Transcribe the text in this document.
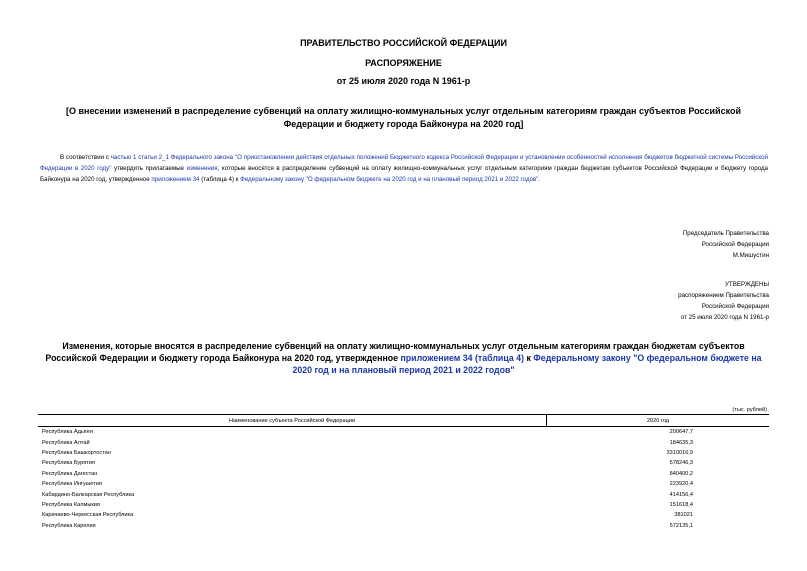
ПРАВИТЕЛЬСТВО РОССИЙСКОЙ ФЕДЕРАЦИИ
РАСПОРЯЖЕНИЕ
от 25 июля 2020 года N 1961-р
[О внесении изменений в распределение субвенций на оплату жилищно-коммунальных услуг отдельным категориям граждан субъектов Российской Федерации и бюджету города Байконура на 2020 год]
В соответствии с частью 1 статьи 2_1 Федерального закона "О приостановлении действия отдельных положений Бюджетного кодекса Российской Федерации и установлении особенностей исполнения бюджетов бюджетной системы Российской Федерации в 2020 году" утвердить прилагаемые изменения, которые вносятся в распределение субвенций на оплату жилищно-коммунальных услуг отдельным категориям граждан бюджетам субъектов Российской Федерации и бюджету города Байконура на 2020 год, утвержденное приложением 34 (таблица 4) к Федеральному закону "О федеральном бюджете на 2020 год и на плановый период 2021 и 2022 годов".
Председатель Правительства
Российской Федерации
М.Мишустин
УТВЕРЖДЕНЫ
распоряжением Правительства
Российской Федерации
от 25 июля 2020 года N 1961-р
Изменения, которые вносятся в распределение субвенций на оплату жилищно-коммунальных услуг отдельным категориям граждан бюджетам субъектов Российской Федерации и бюджету города Байконура на 2020 год, утвержденное приложением 34 (таблица 4) к Федеральному закону "О федеральном бюджете на 2020 год и на плановый период 2021 и 2022 годов"
(тыс. рублей)
Наименование субъекта Российской Федерации	2020 год
Республика Адыгея	200647,7
Республика Алтай	184635,3
Республика Башкортостан	3310016,9
Республика Бурятия	578246,3
Республика Дагестан	840400,2
Республика Ингушетия	223920,4
Кабардино-Балкарская Республика	414156,4
Республика Калмыкия	151618,4
Карачаево-Черкесская Республика	381021
Республика Карелия	572135,1
